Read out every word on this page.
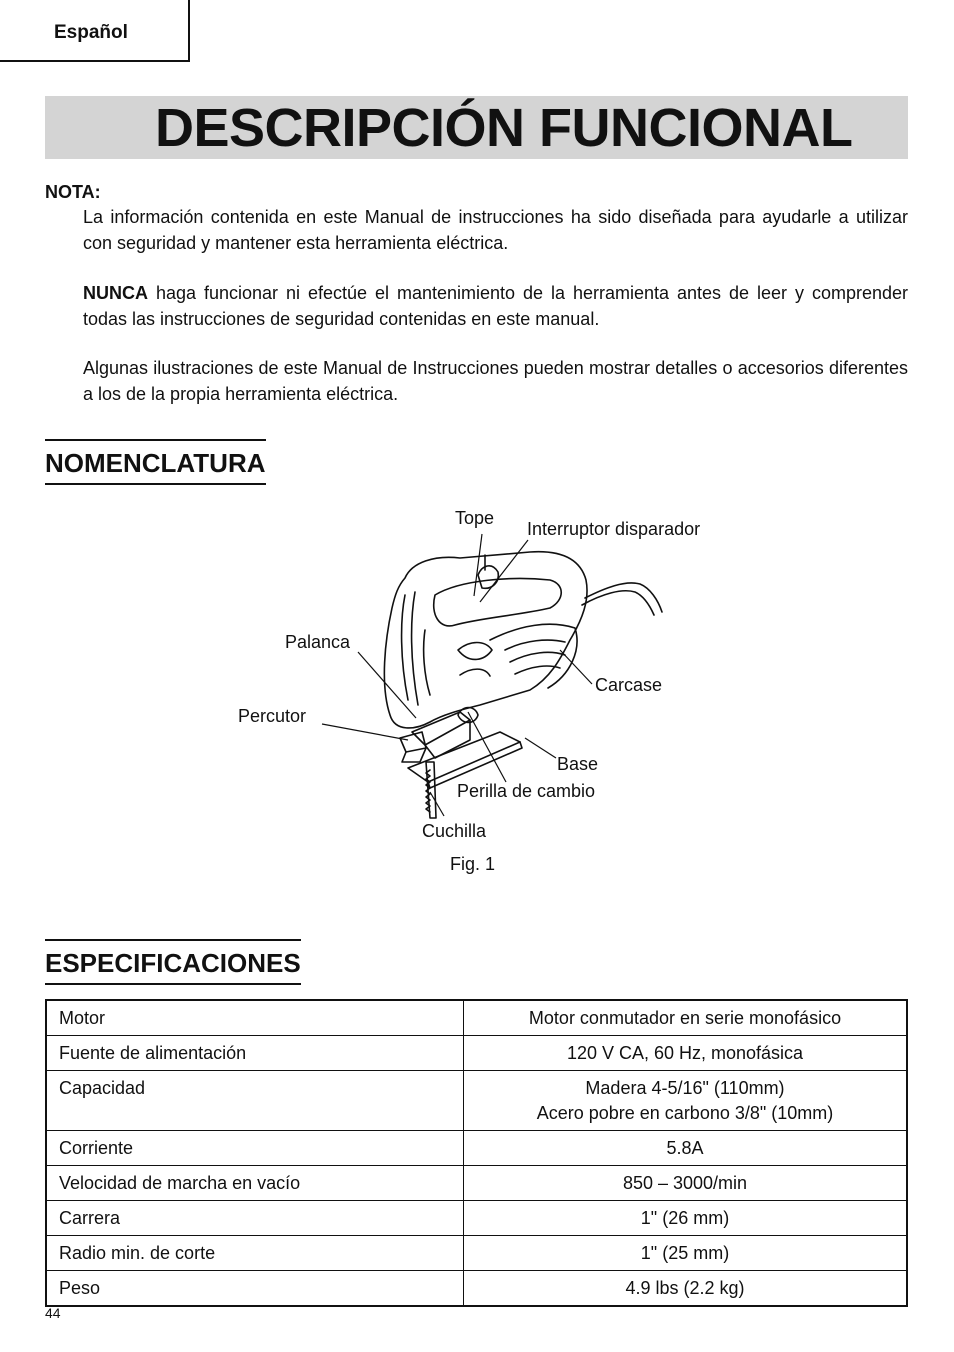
Español
DESCRIPCIÓN FUNCIONAL
NOTA:

La información contenida en este Manual de instrucciones ha sido diseñada para ayudarle a utilizar con seguridad y mantener esta herramienta eléctrica.

NUNCA haga funcionar ni efectúe el mantenimiento de la herramienta antes de leer y comprender todas las instrucciones de seguridad contenidas en este manual.

Algunas ilustraciones de este Manual de Instrucciones pueden mostrar detalles o accesorios diferentes a los de la propia herramienta eléctrica.

NOMENCLATURA
Tope
Interruptor disparador
Palanca
Carcase
Percutor
Base
Perilla de cambio
Cuchilla
Fig. 1
ESPECIFICACIONES
Motor	Motor conmutador en serie monofásico

Fuente de alimentación	120 V CA, 60 Hz, monofásica

Capacidad	Madera 4-5/16" (110mm)
Acero pobre en carbono 3/8" (10mm)

Corriente	5.8A

Velocidad de marcha en vacío	850 – 3000/min

Carrera	1" (26 mm)

Radio min. de corte	1" (25 mm)

Peso	4.9 lbs (2.2 kg)
44
